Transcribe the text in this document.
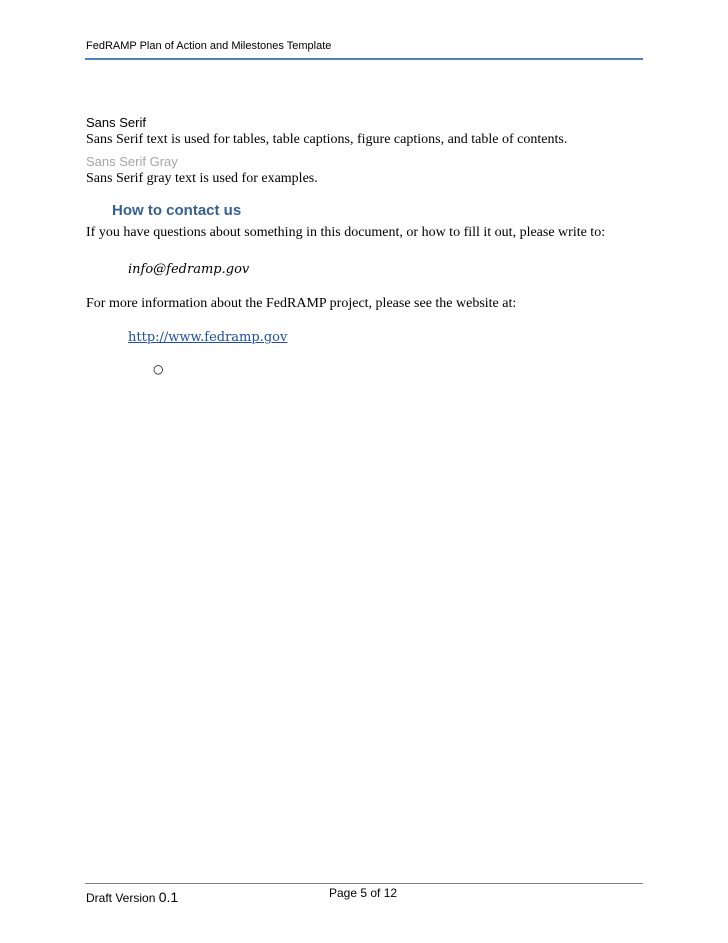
FedRAMP Plan of Action and Milestones Template
Sans Serif
Sans Serif text is used for tables, table captions, figure captions, and table of contents.
Sans Serif Gray
Sans Serif gray text is used for examples.
How to contact us
If you have questions about something in this document, or how to fill it out, please write to:
info@fedramp.gov
For more information about the FedRAMP project, please see the website at:
http://www.fedramp.gov
○
Draft Version 0.1	Page 5 of 12
